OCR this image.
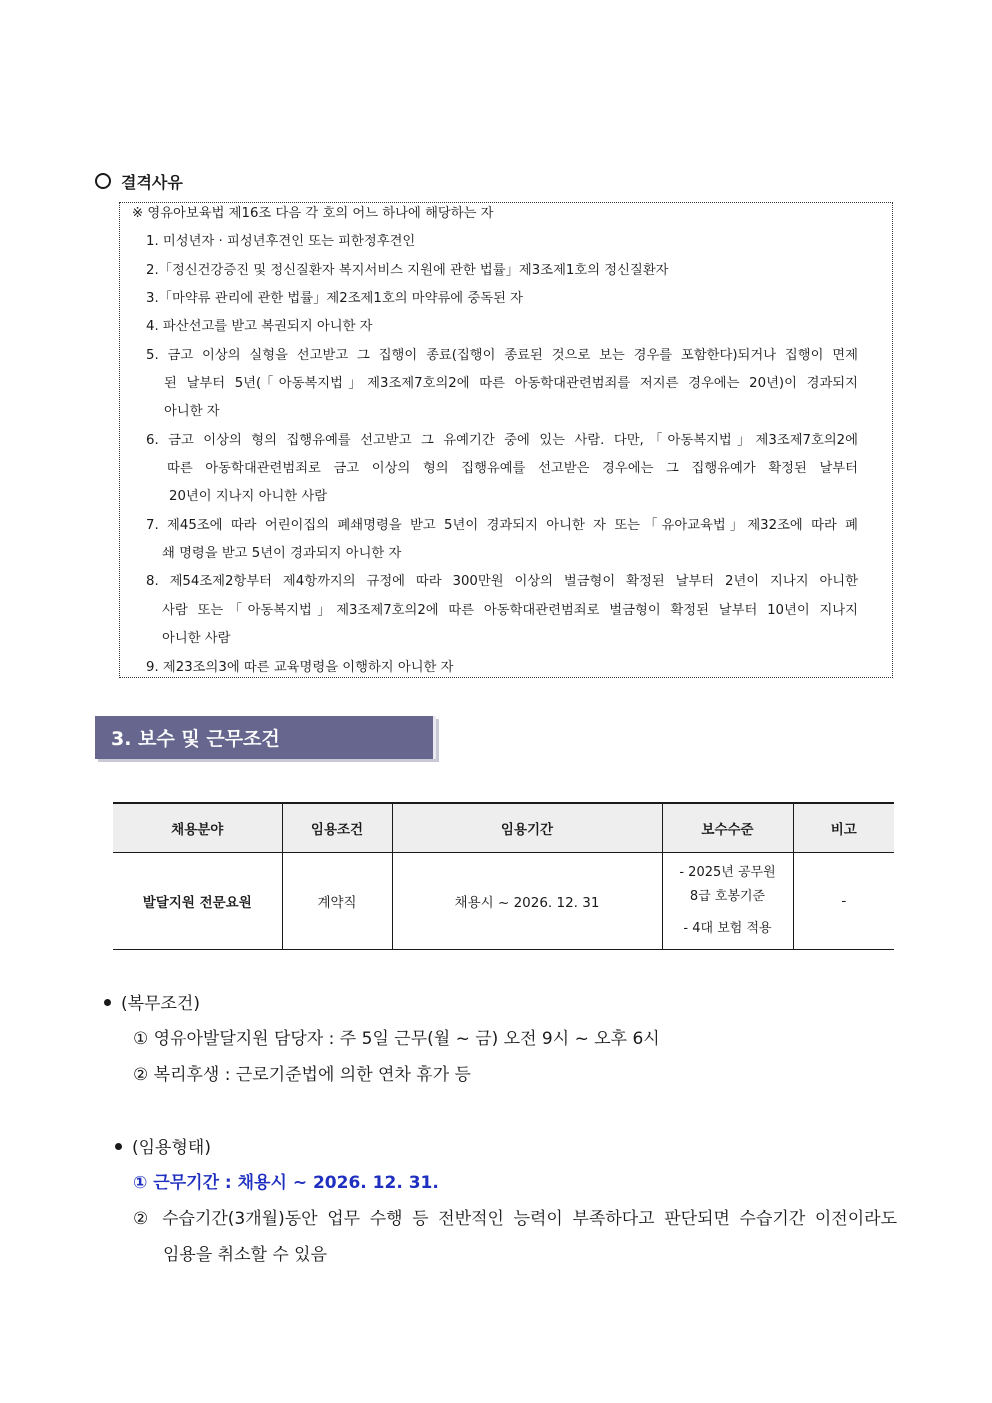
결격사유
※ 영유아보육법 제16조 다음 각 호의 어느 하나에 해당하는 자
1. 미성년자 · 피성년후견인 또는 피한정후견인
2.「정신건강증진 및 정신질환자 복지서비스 지원에 관한 법률」제3조제1호의 정신질환자
3.「마약류 관리에 관한 법률」제2조제1호의 마약류에 중독된 자
4. 파산선고를 받고 복권되지 아니한 자
5. 금고 이상의 실형을 선고받고 그 집행이 종료(집행이 종료된 것으로 보는 경우를 포함한다)되거나 집행이 면제
된 날부터 5년(「아동복지법」제3조제7호의2에 따른 아동학대관련범죄를 저지른 경우에는 20년)이 경과되지
아니한 자
6. 금고 이상의 형의 집행유예를 선고받고 그 유예기간 중에 있는 사람. 다만,「아동복지법」제3조제7호의2에
따른 아동학대관련범죄로 금고 이상의 형의 집행유예를 선고받은 경우에는 그 집행유예가 확정된 날부터
20년이 지나지 아니한 사람
7. 제45조에 따라 어린이집의 폐쇄명령을 받고 5년이 경과되지 아니한 자 또는「유아교육법」제32조에 따라 폐
쇄 명령을 받고 5년이 경과되지 아니한 자
8. 제54조제2항부터 제4항까지의 규정에 따라 300만원 이상의 벌금형이 확정된 날부터 2년이 지나지 아니한
사람 또는「아동복지법」제3조제7호의2에 따른 아동학대관련범죄로 벌금형이 확정된 날부터 10년이 지나지
아니한 사람
9. 제23조의3에 따른 교육명령을 이행하지 아니한 자
3. 보수 및 근무조건
채용분야	임용조건	임용기간	보수수준	비고
발달지원 전문요원	계약직	채용시 ~ 2026. 12. 31	- 2025년 공무원
8급 호봉기준
- 4대 보험 적용	-
(복무조건)
① 영유아발달지원 담당자 : 주 5일 근무(월 ~ 금) 오전 9시 ~ 오후 6시
② 복리후생 : 근로기준법에 의한 연차 휴가 등
(임용형태)
① 근무기간 : 채용시 ~ 2026. 12. 31.
② 수습기간(3개월)동안 업무 수행 등 전반적인 능력이 부족하다고 판단되면 수습기간 이전이라도
임용을 취소할 수 있음
